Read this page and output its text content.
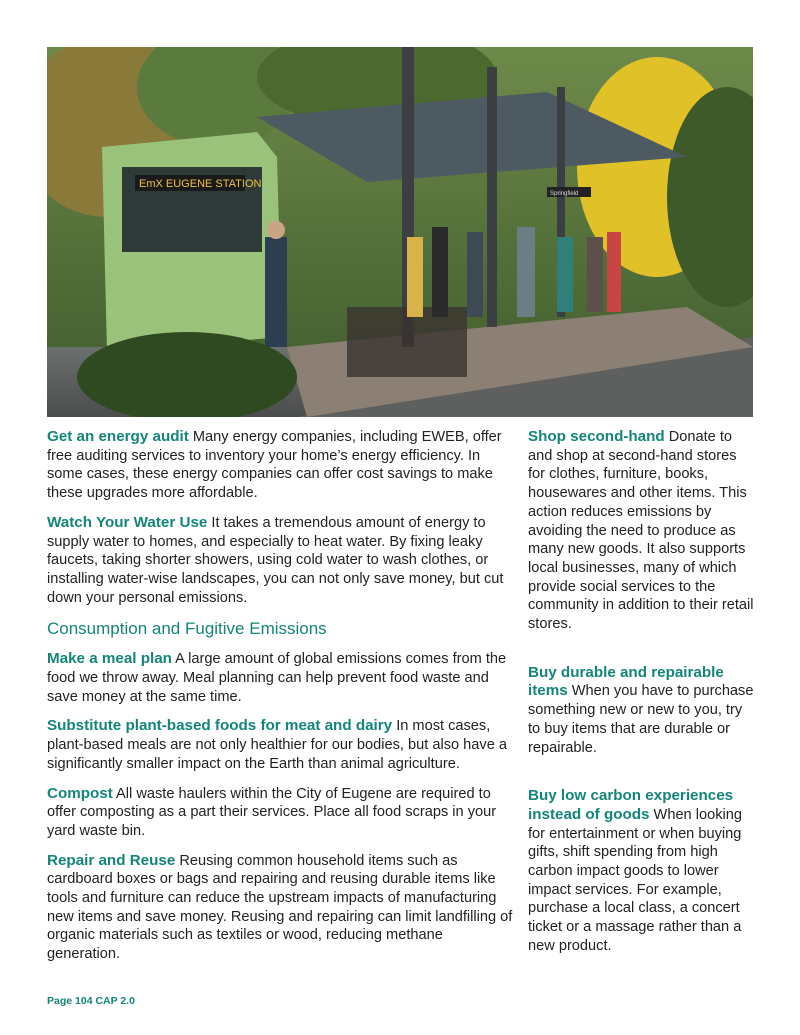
EmX EUGENE STATION
Springfield

Get an energy audit Many energy companies, including EWEB, offer free auditing services to inventory your home’s energy efficiency. In some cases, these energy companies can offer cost savings to make these upgrades more affordable.

Watch Your Water Use It takes a tremendous amount of energy to supply water to homes, and especially to heat water. By fixing leaky faucets, taking shorter showers, using cold water to wash clothes, or installing water-wise landscapes, you can not only save money, but cut down your personal emissions.

Consumption and Fugitive Emissions

Make a meal plan A large amount of global emissions comes from the food we throw away. Meal planning can help prevent food waste and save money at the same time.

Substitute plant-based foods for meat and dairy In most cases, plant-based meals are not only healthier for our bodies, but also have a significantly smaller impact on the Earth than animal agriculture.

Compost All waste haulers within the City of Eugene are required to offer composting as a part their services. Place all food scraps in your yard waste bin.

Repair and Reuse Reusing common household items such as cardboard boxes or bags and repairing and reusing durable items like tools and furniture can reduce the upstream impacts of manufacturing new items and save money. Reusing and repairing can limit landfilling of organic materials such as textiles or wood, reducing methane generation.

Shop second-hand Donate to and shop at second-hand stores for clothes, furniture, books, housewares and other items. This action reduces emissions by avoiding the need to produce as many new goods. It also supports local businesses, many of which provide social services to the community in addition to their retail stores.

Buy durable and repairable items When you have to purchase something new or new to you, try to buy items that are durable or repairable.

Buy low carbon experiences instead of goods When looking for entertainment or when buying gifts, shift spending from high carbon impact goods to lower impact services. For example, purchase a local class, a concert ticket or a massage rather than a new product.

Page 104 CAP 2.0
